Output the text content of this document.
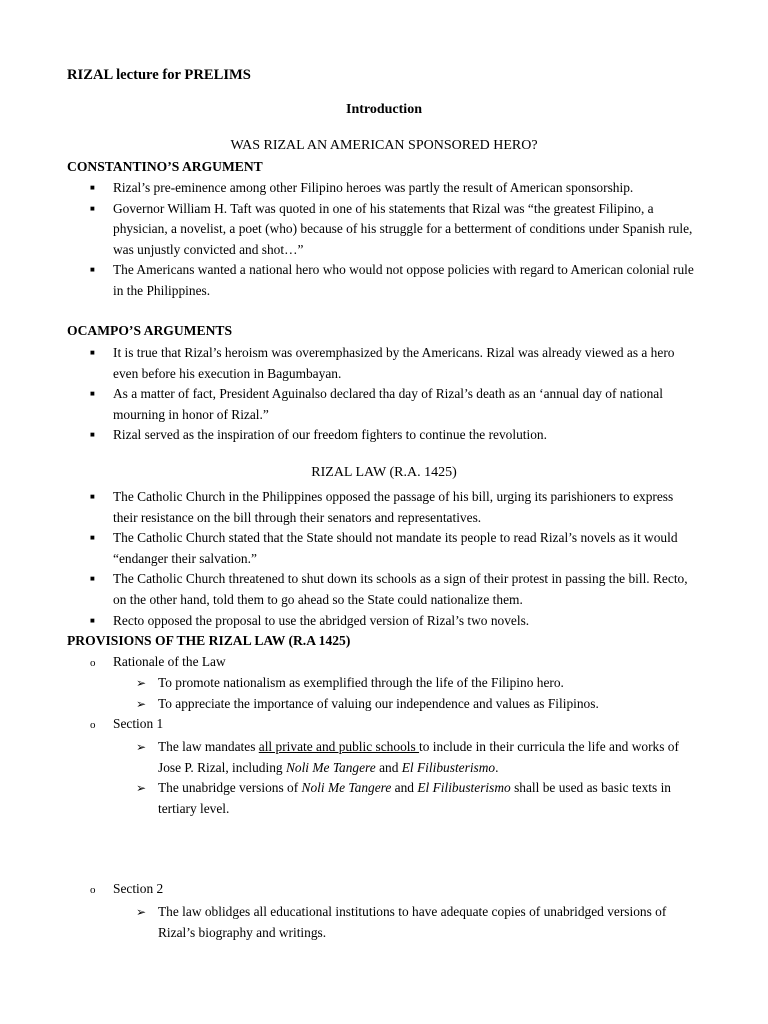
RIZAL lecture for PRELIMS
Introduction
WAS RIZAL AN AMERICAN SPONSORED HERO?
CONSTANTINO’S ARGUMENT
■ Rizal’s pre-eminence among other Filipino heroes was partly the result of American sponsorship.
■ Governor William H. Taft was quoted in one of his statements that Rizal was “the greatest Filipino, a physician, a novelist, a poet (who) because of his struggle for a betterment of conditions under Spanish rule, was unjustly convicted and shot…”
■ The Americans wanted a national hero who would not oppose policies with regard to American colonial rule in the Philippines.
OCAMPO’S ARGUMENTS
■ It is true that Rizal’s heroism was overemphasized by the Americans. Rizal was already viewed as a hero even before his execution in Bagumbayan.
■ As a matter of fact, President Aguinalso declared tha day of Rizal’s death as an ‘annual day of national mourning in honor of Rizal.”
■ Rizal served as the inspiration of our freedom fighters to continue the revolution.
RIZAL LAW (R.A. 1425)
■ The Catholic Church in the Philippines opposed the passage of his bill, urging its parishioners to express their resistance on the bill through their senators and representatives.
■ The Catholic Church stated that the State should not mandate its people to read Rizal’s novels as it would “endanger their salvation.”
■ The Catholic Church threatened to shut down its schools as a sign of their protest in passing the bill. Recto, on the other hand, told them to go ahead so the State could nationalize them.
■ Recto opposed the proposal to use the abridged version of Rizal’s two novels.
PROVISIONS OF THE RIZAL LAW (R.A 1425)
o Rationale of the Law
➢ To promote nationalism as exemplified through the life of the Filipino hero.
➢ To appreciate the importance of valuing our independence and values as Filipinos.
o Section 1
➢ The law mandates all private and public schools to include in their curricula the life and works of Jose P. Rizal, including Noli Me Tangere and El Filibusterismo.
➢ The unabridge versions of Noli Me Tangere and El Filibusterismo shall be used as basic texts in tertiary level.
o Section 2
➢ The law oblidges all educational institutions to have adequate copies of unabridged versions of Rizal’s biography and writings.
